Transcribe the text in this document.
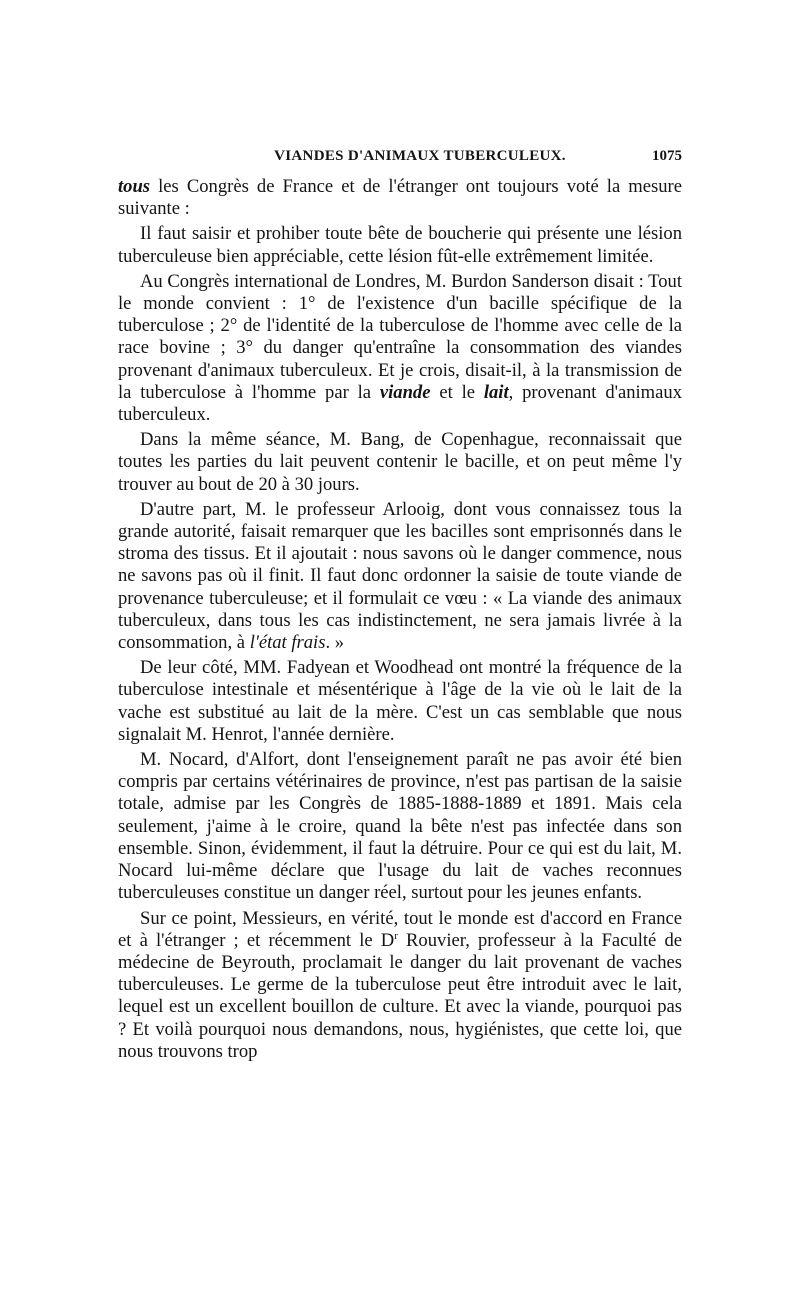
VIANDES D'ANIMAUX TUBERCULEUX.	1075

tous les Congrès de France et de l'étranger ont toujours voté la mesure suivante :

Il faut saisir et prohiber toute bête de boucherie qui présente une lésion tuberculeuse bien appréciable, cette lésion fût-elle extrêmement limitée.

Au Congrès international de Londres, M. Burdon Sanderson disait : Tout le monde convient : 1° de l'existence d'un bacille spécifique de la tuberculose ; 2° de l'identité de la tuberculose de l'homme avec celle de la race bovine ; 3° du danger qu'entraîne la consommation des viandes provenant d'animaux tuberculeux. Et je crois, disait-il, à la transmission de la tuberculose à l'homme par la viande et le lait, provenant d'animaux tuberculeux.

Dans la même séance, M. Bang, de Copenhague, reconnaissait que toutes les parties du lait peuvent contenir le bacille, et on peut même l'y trouver au bout de 20 à 30 jours.

D'autre part, M. le professeur Arlooig, dont vous connaissez tous la grande autorité, faisait remarquer que les bacilles sont emprisonnés dans le stroma des tissus. Et il ajoutait : nous savons où le danger commence, nous ne savons pas où il finit. Il faut donc ordonner la saisie de toute viande de provenance tuberculeuse; et il formulait ce vœu : « La viande des animaux tuberculeux, dans tous les cas indistinctement, ne sera jamais livrée à la consommation, à l'état frais. »

De leur côté, MM. Fadyean et Woodhead ont montré la fréquence de la tuberculose intestinale et mésentérique à l'âge de la vie où le lait de la vache est substitué au lait de la mère. C'est un cas semblable que nous signalait M. Henrot, l'année dernière.

M. Nocard, d'Alfort, dont l'enseignement paraît ne pas avoir été bien compris par certains vétérinaires de province, n'est pas partisan de la saisie totale, admise par les Congrès de 1885-1888-1889 et 1891. Mais cela seulement, j'aime à le croire, quand la bête n'est pas infectée dans son ensemble. Sinon, évidemment, il faut la détruire. Pour ce qui est du lait, M. Nocard lui-même déclare que l'usage du lait de vaches reconnues tuberculeuses constitue un danger réel, surtout pour les jeunes enfants.

Sur ce point, Messieurs, en vérité, tout le monde est d'accord en France et à l'étranger ; et récemment le $D^r$ Rouvier, professeur à la Faculté de médecine de Beyrouth, proclamait le danger du lait provenant de vaches tuberculeuses. Le germe de la tuberculose peut être introduit avec le lait, lequel est un excellent bouillon de culture. Et avec la viande, pourquoi pas ? Et voilà pourquoi nous demandons, nous, hygiénistes, que cette loi, que nous trouvons trop
